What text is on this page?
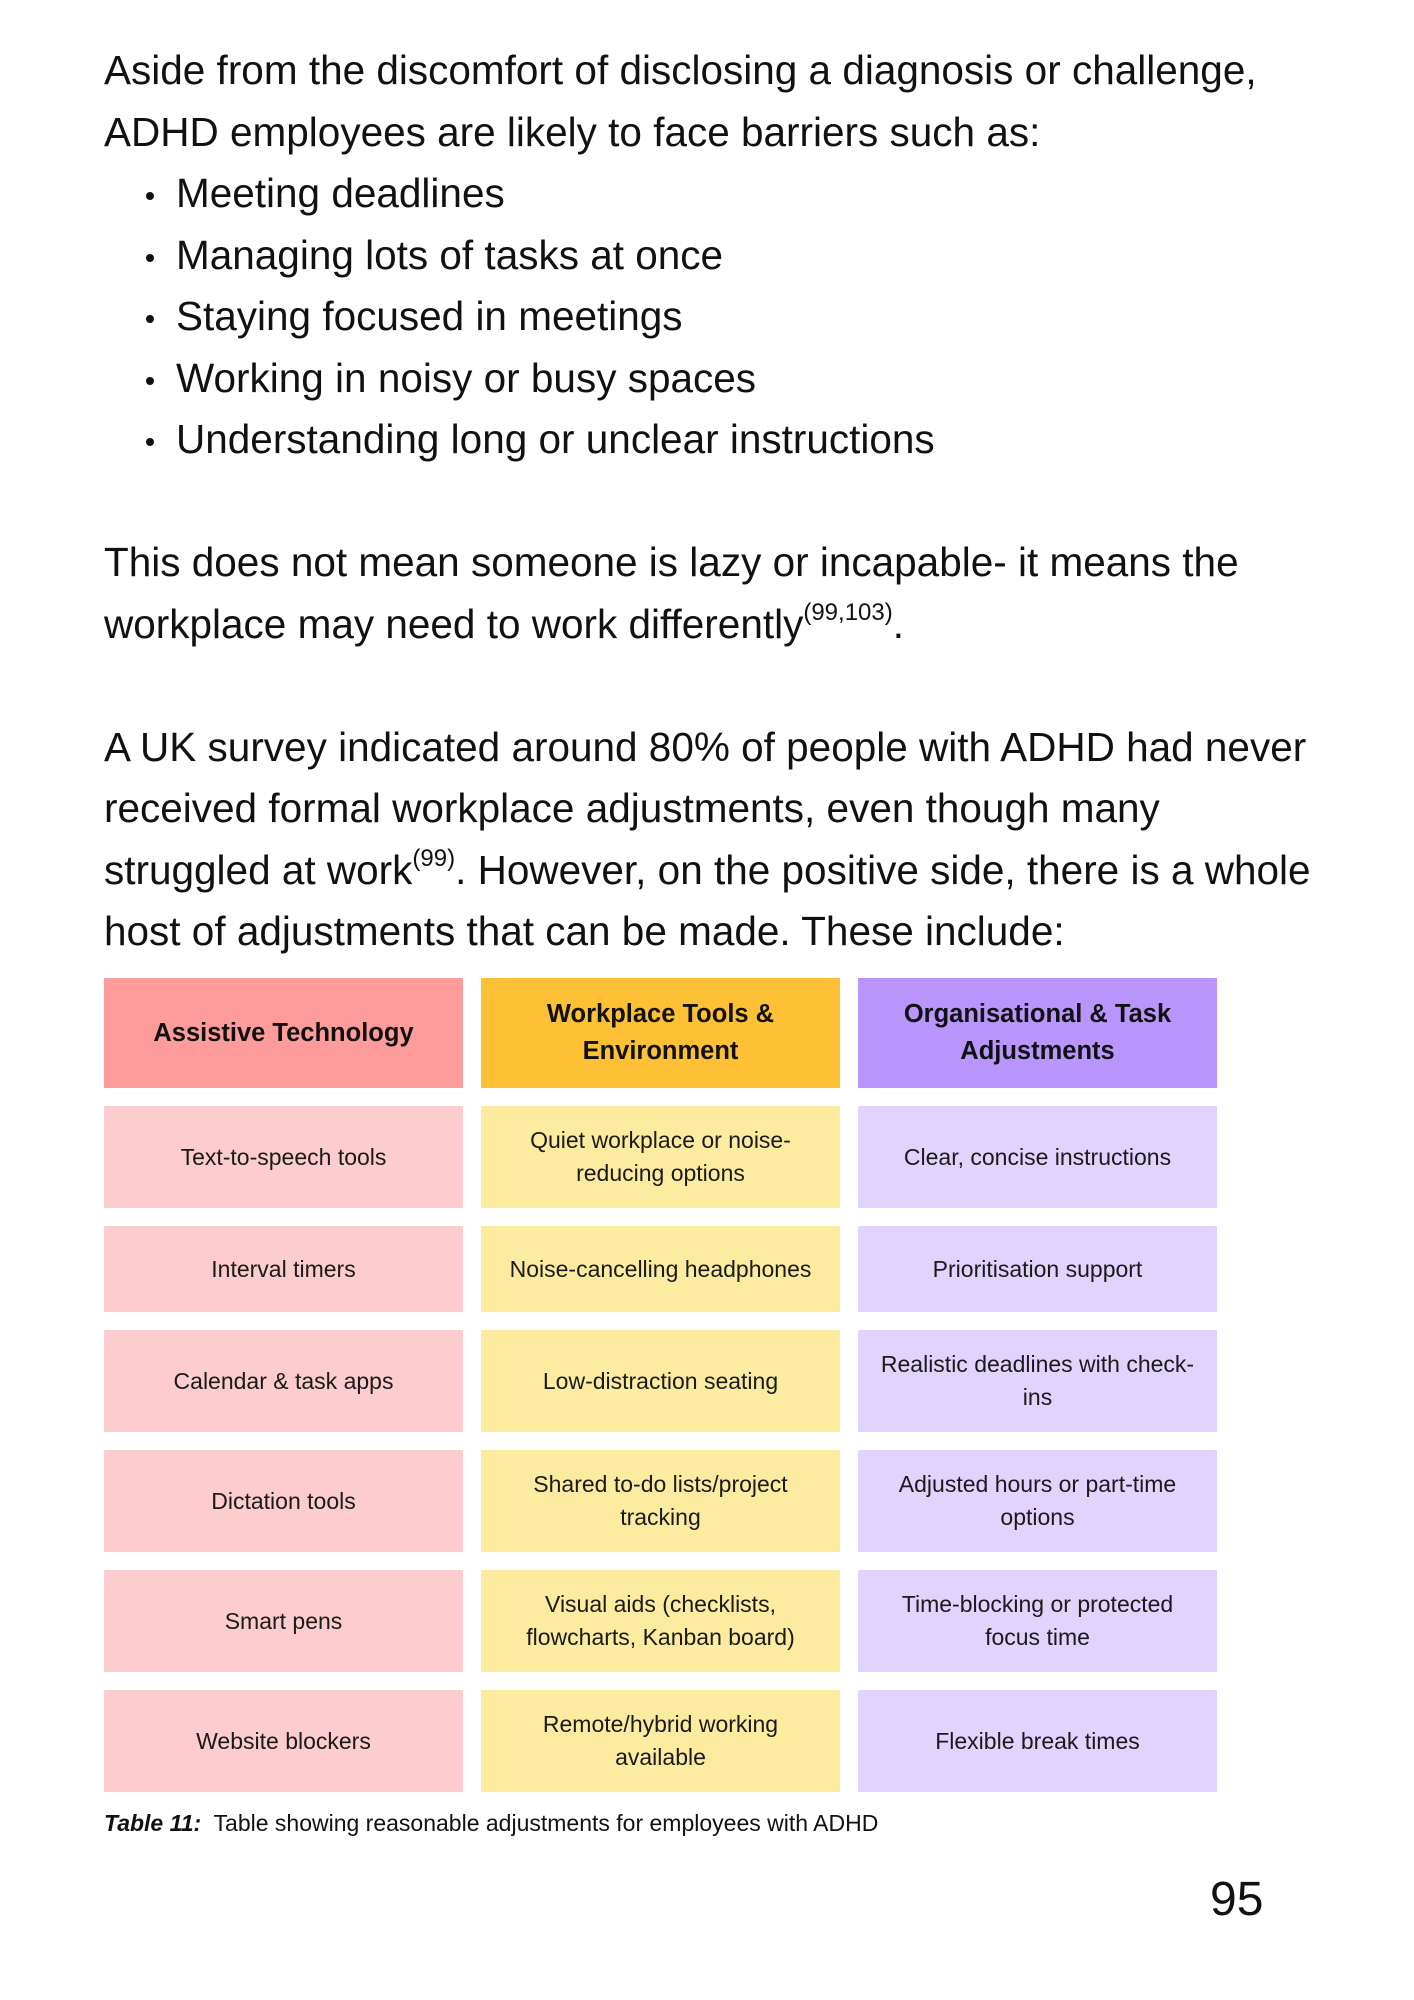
Aside from the discomfort of disclosing a diagnosis or challenge,
ADHD employees are likely to face barriers such as:

Meeting deadlines
Managing lots of tasks at once
Staying focused in meetings
Working in noisy or busy spaces
Understanding long or unclear instructions

This does not mean someone is lazy or incapable- it means the
workplace may need to work differently$^{(99,103)}$.

A UK survey indicated around 80% of people with ADHD had never
received formal workplace adjustments, even though many
struggled at work$^{(99)}$. However, on the positive side, there is a whole
host of adjustments that can be made. These include:

Assistive Technology
Text-to-speech tools
Interval timers
Calendar & task apps
Dictation tools
Smart pens
Website blockers
Workplace Tools & Environment
Quiet workplace or noise-reducing options
Noise-cancelling headphones
Low-distraction seating
Shared to-do lists/project tracking
Visual aids (checklists, flowcharts, Kanban board)
Remote/hybrid working available
Organisational & Task Adjustments
Clear, concise instructions
Prioritisation support
Realistic deadlines with check-ins
Adjusted hours or part-time options
Time-blocking or protected focus time
Flexible break times
Table 11: Table showing reasonable adjustments for employees with ADHD
95
